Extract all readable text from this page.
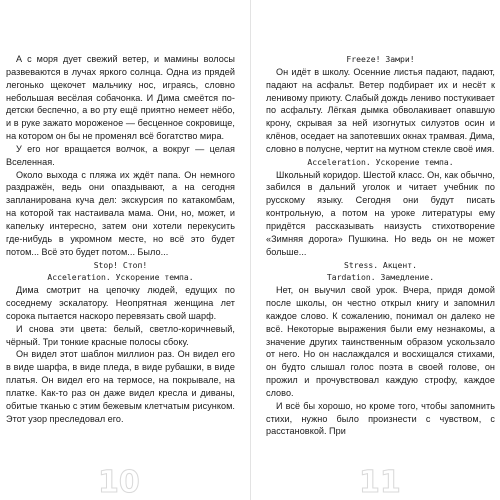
А с моря дует свежий ветер, и мамины волосы развеваются в лучах яркого солнца. Одна из прядей легонько щекочет мальчику нос, играясь, словно небольшая весёлая собачонка. И Дима смеётся по-детски беспечно, а во рту ещё приятно немеет нёбо, и в руке зажато мороженое — бесценное сокровище, на котором он бы не променял всё богатство мира.

У его ног вращается волчок, а вокруг — целая Вселенная.

Около выхода с пляжа их ждёт папа. Он немного раздражён, ведь они опаздывают, а на сегодня запланирована куча дел: экскурсия по катакомбам, на которой так настаивала мама. Они, но, может, и капельку интересно, затем они хотели перекусить где-нибудь в укромном месте, но всё это будет потом... Всё это будет потом... Было...

Stop! Стоп!

Acceleration. Ускорение темпа.

Дима смотрит на цепочку людей, едущих по соседнему эскалатору. Неопрятная женщина лет сорока пытается наскоро перевязать свой шарф.

И снова эти цвета: белый, светло-коричневый, чёрный. Три тонкие красные полосы сбоку.

Он видел этот шаблон миллион раз. Он видел его в виде шарфа, в виде пледа, в виде рубашки, в виде платья. Он видел его на термосе, на покрывале, на платке. Как-то раз он даже видел кресла и диваны, обитые тканью с этим бежевым клетчатым рисунком. Этот узор преследовал его.

10

Freeze! Замри!

Он идёт в школу. Осенние листья падают, падают, падают на асфальт. Ветер подбирает их и несёт к ленивому приюту. Слабый дождь лениво постукивает по асфальту. Лёгкая дымка обволакивает опавшую крону, скрывая за ней изогнутых силуэтов осин и клёнов, оседает на запотевших окнах трамвая. Дима, словно в полусне, чертит на мутном стекле своё имя.

Acceleration. Ускорение темпа.

Школьный коридор. Шестой класс. Он, как обычно, забился в дальний уголок и читает учебник по русскому языку. Сегодня они будут писать контрольную, а потом на уроке литературы ему придётся рассказывать наизусть стихотворение «Зимняя дорога» Пушкина. Но ведь он не может больше...

Stress. Акцент.

Tardation. Замедление.

Нет, он выучил свой урок. Вчера, придя домой после школы, он честно открыл книгу и запомнил каждое слово. К сожалению, понимал он далеко не всё. Некоторые выражения были ему незнакомы, а значение других таинственным образом ускользало от него. Но он наслаждался и восхищался стихами, он будто слышал голос поэта в своей голове, он прожил и прочувствовал каждую строфу, каждое слово.

И всё бы хорошо, но кроме того, чтобы запомнить стихи, нужно было произнести с чувством, с расстановкой. При

11
